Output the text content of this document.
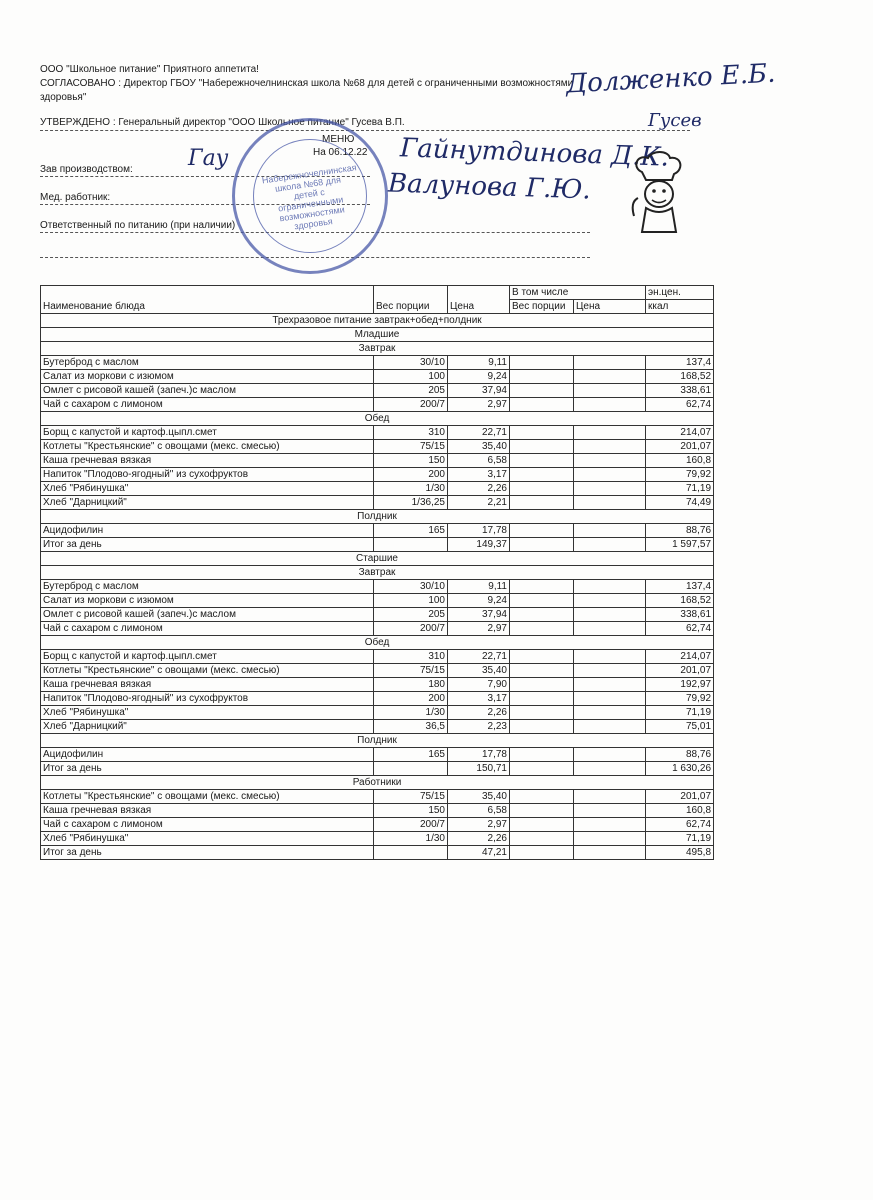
ООО "Школьное питание" Приятного аппетита!
СОГЛАСОВАНО : Директор ГБОУ "Набережночелнинская школа №68 для детей с ограниченными возможностями
здоровья"
УТВЕРЖДЕНО : Генеральный директор "ООО Школьное питание" Гусева В.П.
МЕНЮ
На 06.12.22
Зав производством:
Мед. работник:
Ответственный по питанию (при наличии)
Долженко Е.Б.
Гусев
Гау	Гайнутдинова Д.К.
Валунова Г.Ю.
Набережночелнинская школа №68 для детей с ограниченными возможностями здоровья
Наименование блюда	Вес порции	Цена	В том числе		эн.цен.
			Вес порции	Цена	ккал
Трехразовое питание завтрак+обед+полдник					
Младшие					
Завтрак					
Бутерброд с маслом	30/10	9,11			137,4
Салат из моркови с изюмом	100	9,24			168,52
Омлет с рисовой кашей (запеч.)с маслом	205	37,94			338,61
Чай с сахаром с лимоном	200/7	2,97			62,74
Обед					
Борщ с капустой и картоф.цыпл.смет	310	22,71			214,07
Котлеты "Крестьянские" с овощами (мекс. смесью)	75/15	35,40			201,07
Каша гречневая вязкая	150	6,58			160,8
Напиток "Плодово-ягодный" из сухофруктов	200	3,17			79,92
Хлеб "Рябинушка"	1/30	2,26			71,19
Хлеб "Дарницкий"	1/36,25	2,21			74,49
Полдник					
Ацидофилин	165	17,78			88,76
Итог за день		149,37			1 597,57
Старшие					
Завтрак					
Бутерброд с маслом	30/10	9,11			137,4
Салат из моркови с изюмом	100	9,24			168,52
Омлет с рисовой кашей (запеч.)с маслом	205	37,94			338,61
Чай с сахаром с лимоном	200/7	2,97			62,74
Обед					
Борщ с капустой и картоф.цыпл.смет	310	22,71			214,07
Котлеты "Крестьянские" с овощами (мекс. смесью)	75/15	35,40			201,07
Каша гречневая вязкая	180	7,90			192,97
Напиток "Плодово-ягодный" из сухофруктов	200	3,17			79,92
Хлеб "Рябинушка"	1/30	2,26			71,19
Хлеб "Дарницкий"	36,5	2,23			75,01
Полдник					
Ацидофилин	165	17,78			88,76
Итог за день		150,71			1 630,26
Работники					
Котлеты "Крестьянские" с овощами (мекс. смесью)	75/15	35,40			201,07
Каша гречневая вязкая	150	6,58			160,8
Чай с сахаром с лимоном	200/7	2,97			62,74
Хлеб "Рябинушка"	1/30	2,26			71,19
Итог за день		47,21			495,8
